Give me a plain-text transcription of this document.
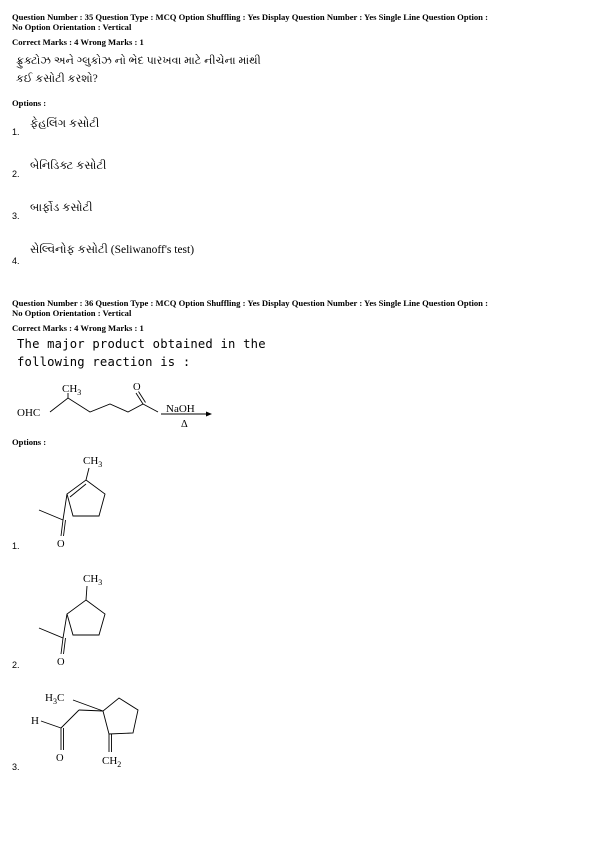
Question Number : 35 Question Type : MCQ Option Shuffling : Yes Display Question Number : Yes Single Line Question Option :
No Option Orientation : Vertical
Correct Marks : 4 Wrong Marks : 1
ફ્રુક્ટોઝ અને ગ્લુકોઝ નો ભેદ પારખવા માટે નીચેના માંથી
કઈ કસોટી કરશો?
Options :
ફેહલિંગ કસોટી
1.
બેનિડિક્ટ કસોટી
2.
બાર્ફોડ કસોટી
3.
સેલ્વિનોફ કસોટી (Seliwanoff's test)
4.
Question Number : 36 Question Type : MCQ Option Shuffling : Yes Display Question Number : Yes Single Line Question Option :
No Option Orientation : Vertical
Correct Marks : 4 Wrong Marks : 1
The major product obtained in the
following reaction is :
$CH_3$	O
OHC	NaOH
Δ
Options :
$CH_3$
O
1.
$CH_3$
O
2.
$H_3C$
H
O	$CH_2$
3.
